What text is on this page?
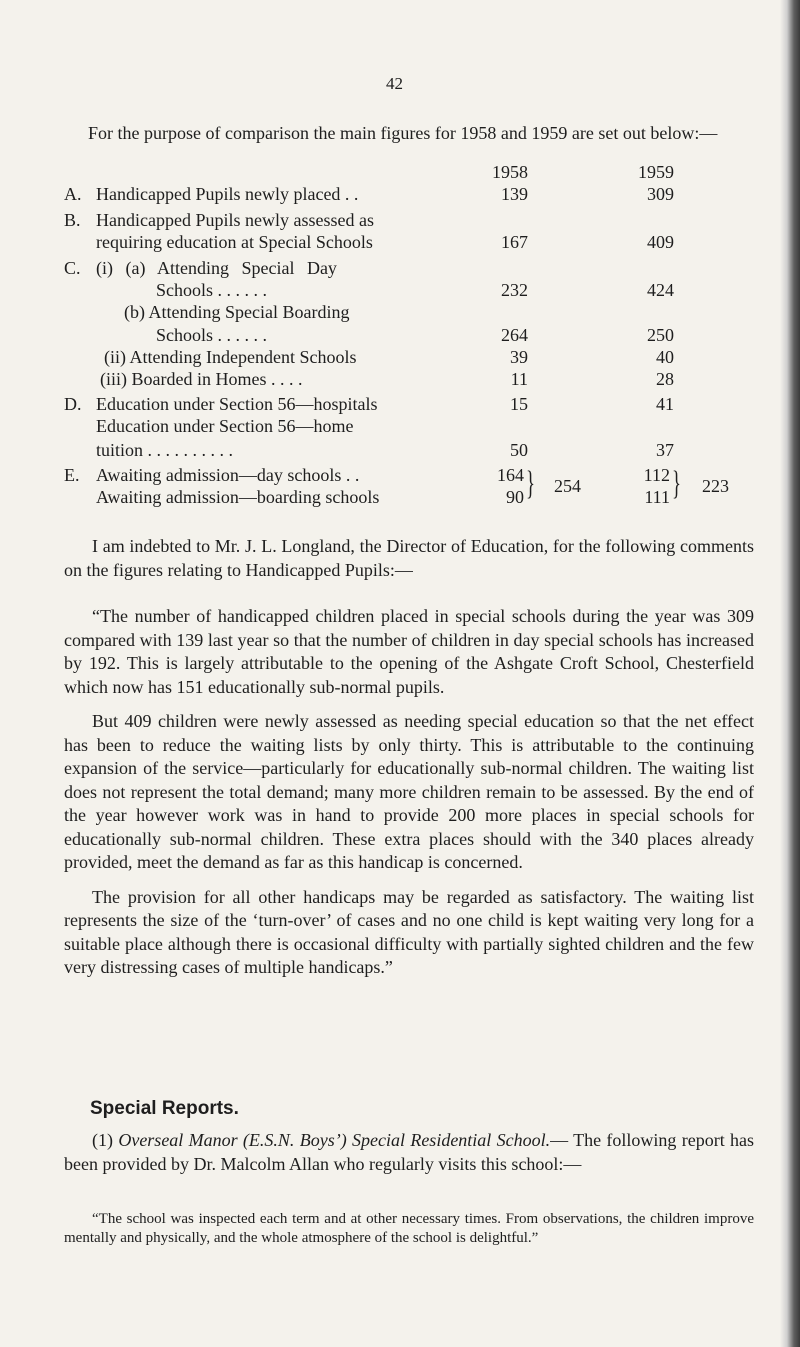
42
For the purpose of comparison the main figures for 1958 and 1959 are set out below:—
1958	1959
A. Handicapped Pupils newly placed . .	139	309
B. Handicapped Pupils newly assessed as
requiring education at Special Schools	167	409
C. (i) (a) Attending Special Day
Schools . . . . . .	232	424
(b) Attending Special Boarding
Schools . . . . . .	264	250
(ii) Attending Independent Schools	39	40
(iii) Boarded in Homes . . . .	11	28
D. Education under Section 56—hospitals	15	41
Education under Section 56—home
tuition . . . . . . . . . .	50	37
E. Awaiting admission—day schools . .	164	112
Awaiting admission—boarding schools	90	111
} 254	} 223

I am indebted to Mr. J. L. Longland, the Director of Education, for the following comments on the figures relating to Handicapped Pupils:—

“The number of handicapped children placed in special schools during the year was 309 compared with 139 last year so that the number of children in day special schools has increased by 192. This is largely attributable to the opening of the Ashgate Croft School, Chesterfield which now has 151 educationally sub-normal pupils.

But 409 children were newly assessed as needing special education so that the net effect has been to reduce the waiting lists by only thirty. This is attributable to the continuing expansion of the service—particularly for educationally sub-normal children. The waiting list does not represent the total demand; many more children remain to be assessed. By the end of the year however work was in hand to provide 200 more places in special schools for educationally sub-normal children. These extra places should with the 340 places already provided, meet the demand as far as this handicap is concerned.

The provision for all other handicaps may be regarded as satisfactory. The waiting list represents the size of the ‘turn-over’ of cases and no one child is kept waiting very long for a suitable place although there is occasional difficulty with partially sighted children and the few very distressing cases of multiple handicaps.”

Special Reports.

(1) Overseal Manor (E.S.N. Boys’) Special Residential School.— The following report has been provided by Dr. Malcolm Allan who regularly visits this school:—

“The school was inspected each term and at other necessary times. From observations, the children improve mentally and physically, and the whole atmosphere of the school is delightful.”
